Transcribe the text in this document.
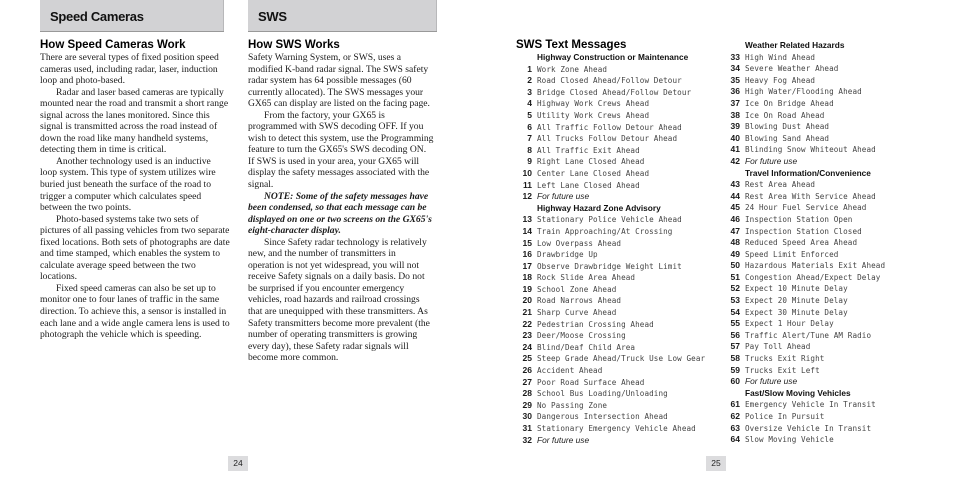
Speed Cameras	SWS
How Speed Cameras Work

There are several types of fixed position speed cameras used, including radar, laser, induction loop and photo-based.

Radar and laser based cameras are typically mounted near the road and transmit a short range signal across the lanes monitored. Since this signal is transmitted across the road instead of down the road like many handheld systems, detecting them in time is critical.

Another technology used is an inductive loop system. This type of system utilizes wire buried just beneath the surface of the road to trigger a computer which calculates speed between the two points.

Photo-based systems take two sets of pictures of all passing vehicles from two separate fixed locations. Both sets of photographs are date and time stamped, which enables the system to calculate average speed between the two locations.

Fixed speed cameras can also be set up to monitor one to four lanes of traffic in the same direction. To achieve this, a sensor is installed in each lane and a wide angle camera lens is used to photograph the vehicle which is speeding.

How SWS Works

Safety Warning System, or SWS, uses a modified K-band radar signal. The SWS safety radar system has 64 possible messages (60 currently allocated). The SWS messages your GX65 can display are listed on the facing page.

From the factory, your GX65 is programmed with SWS decoding OFF. If you wish to detect this system, use the Programming feature to turn the GX65's SWS decoding ON. If SWS is used in your area, your GX65 will display the safety messages associated with the signal.

NOTE: Some of the safety messages have been condensed, so that each message can be displayed on one or two screens on the GX65's eight-character display.

Since Safety radar technology is relatively new, and the number of transmitters in operation is not yet widespread, you will not receive Safety signals on a daily basis. Do not be surprised if you encounter emergency vehicles, road hazards and railroad crossings that are unequipped with these transmitters. As Safety transmitters become more prevalent (the number of operating transmitters is growing every day), these Safety radar signals will become more common.

SWS Text Messages
Highway Construction or Maintenance
1 Work Zone Ahead
2 Road Closed Ahead/Follow Detour
3 Bridge Closed Ahead/Follow Detour
4 Highway Work Crews Ahead
5 Utility Work Crews Ahead
6 All Traffic Follow Detour Ahead
7 All Trucks Follow Detour Ahead
8 All Traffic Exit Ahead
9 Right Lane Closed Ahead
10 Center Lane Closed Ahead
11 Left Lane Closed Ahead
12 For future use
Highway Hazard Zone Advisory
13 Stationary Police Vehicle Ahead
14 Train Approaching/At Crossing
15 Low Overpass Ahead
16 Drawbridge Up
17 Observe Drawbridge Weight Limit
18 Rock Slide Area Ahead
19 School Zone Ahead
20 Road Narrows Ahead
21 Sharp Curve Ahead
22 Pedestrian Crossing Ahead
23 Deer/Moose Crossing
24 Blind/Deaf Child Area
25 Steep Grade Ahead/Truck Use Low Gear
26 Accident Ahead
27 Poor Road Surface Ahead
28 School Bus Loading/Unloading
29 No Passing Zone
30 Dangerous Intersection Ahead
31 Stationary Emergency Vehicle Ahead
32 For future use
Weather Related Hazards
33 High Wind Ahead
34 Severe Weather Ahead
35 Heavy Fog Ahead
36 High Water/Flooding Ahead
37 Ice On Bridge Ahead
38 Ice On Road Ahead
39 Blowing Dust Ahead
40 Blowing Sand Ahead
41 Blinding Snow Whiteout Ahead
42 For future use
Travel Information/Convenience
43 Rest Area Ahead
44 Rest Area With Service Ahead
45 24 Hour Fuel Service Ahead
46 Inspection Station Open
47 Inspection Station Closed
48 Reduced Speed Area Ahead
49 Speed Limit Enforced
50 Hazardous Materials Exit Ahead
51 Congestion Ahead/Expect Delay
52 Expect 10 Minute Delay
53 Expect 20 Minute Delay
54 Expect 30 Minute Delay
55 Expect 1 Hour Delay
56 Traffic Alert/Tune AM Radio
57 Pay Toll Ahead
58 Trucks Exit Right
59 Trucks Exit Left
60 For future use
Fast/Slow Moving Vehicles
61 Emergency Vehicle In Transit
62 Police In Pursuit
63 Oversize Vehicle In Transit
64 Slow Moving Vehicle
24	25
